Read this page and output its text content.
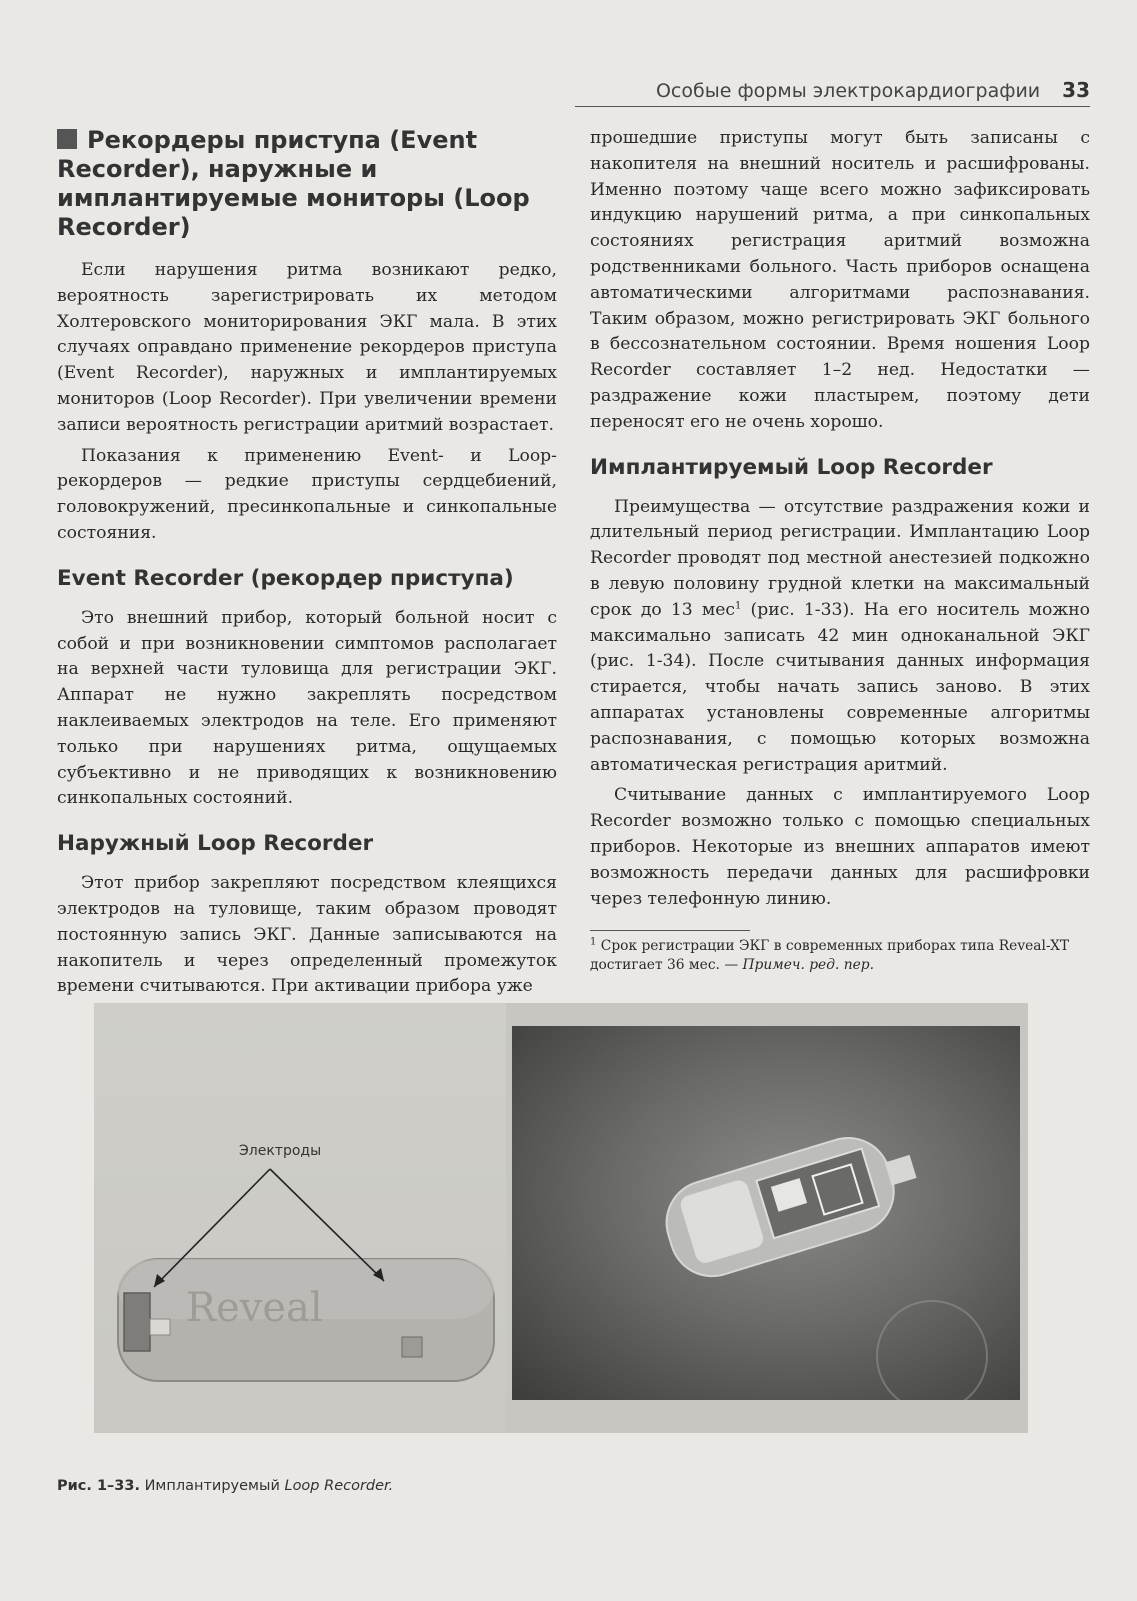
Особые формы электрокардиографии 33
Рекордеры приступа (Event Recorder), наружные и имплантируемые мониторы (Loop Recorder)

Если нарушения ритма возникают редко, вероятность зарегистрировать их методом Холтеровского мониторирования ЭКГ мала. В этих случаях оправдано применение рекордеров приступа (Event Recorder), наружных и имплантируемых мониторов (Loop Recorder). При увеличении времени записи вероятность регистрации аритмий возрастает.

Показания к применению Event- и Loop-рекордеров — редкие приступы сердцебиений, головокружений, пресинкопальные и синкопальные состояния.

Event Recorder (рекордер приступа)

Это внешний прибор, который больной носит с собой и при возникновении симптомов располагает на верхней части туловища для регистрации ЭКГ. Аппарат не нужно закреплять посредством наклеиваемых электродов на теле. Его применяют только при нарушениях ритма, ощущаемых субъективно и не приводящих к возникновению синкопальных состояний.

Наружный Loop Recorder

Этот прибор закрепляют посредством клеящихся электродов на туловище, таким образом проводят постоянную запись ЭКГ. Данные записываются на накопитель и через определенный промежуток времени считываются. При активации прибора уже

прошедшие приступы могут быть записаны с накопителя на внешний носитель и расшифрованы. Именно поэтому чаще всего можно зафиксировать индукцию нарушений ритма, а при синкопальных состояниях регистрация аритмий возможна родственниками больного. Часть приборов оснащена автоматическими алгоритмами распознавания. Таким образом, можно регистрировать ЭКГ больного в бессознательном состоянии. Время ношения Loop Recorder составляет 1–2 нед. Недостатки — раздражение кожи пластырем, поэтому дети переносят его не очень хорошо.

Имплантируемый Loop Recorder

Преимущества — отсутствие раздражения кожи и длительный период регистрации. Имплантацию Loop Recorder проводят под местной анестезией подкожно в левую половину грудной клетки на максимальный срок до 13 мес$^1$ (рис. 1-33). На его носитель можно максимально записать 42 мин одноканальной ЭКГ (рис. 1-34). После считывания данных информация стирается, чтобы начать запись заново. В этих аппаратах установлены современные алгоритмы распознавания, с помощью которых возможна автоматическая регистрация аритмий.

Считывание данных с имплантируемого Loop Recorder возможно только с помощью специальных приборов. Некоторые из внешних аппаратов имеют возможность передачи данных для расшифровки через телефонную линию.

$^1$ Срок регистрации ЭКГ в современных приборах типа Reveal-XT достигает 36 мес. — Примеч. ред. пер.

Reveal
Электроды
Рис. 1–33. Имплантируемый Loop Recorder.
